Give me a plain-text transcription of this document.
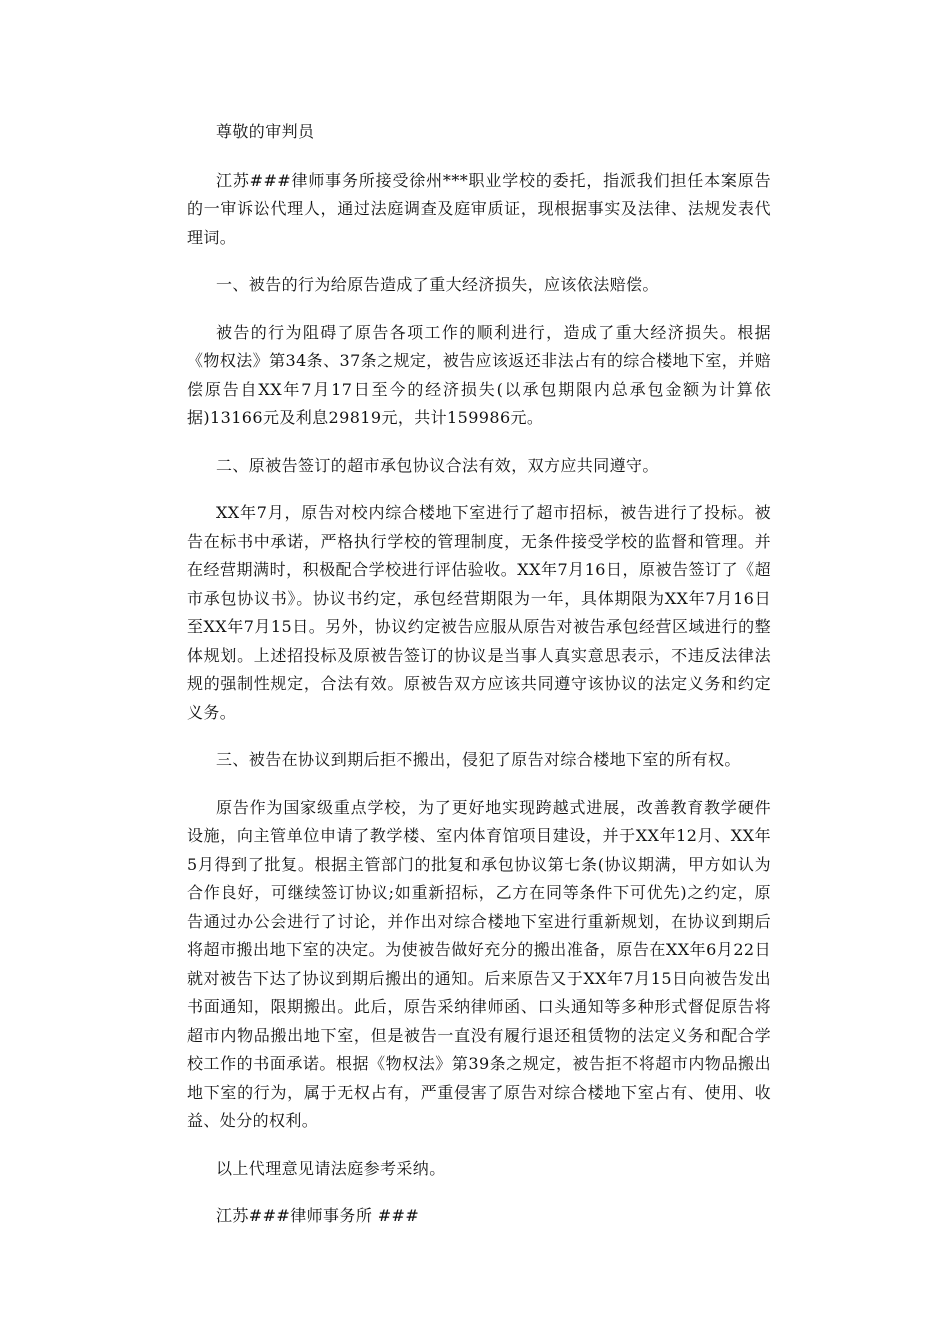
尊敬的审判员

江苏###律师事务所接受徐州***职业学校的委托，指派我们担任本案原告的一审诉讼代理人，通过法庭调查及庭审质证，现根据事实及法律、法规发表代理词。

一、被告的行为给原告造成了重大经济损失，应该依法赔偿。

被告的行为阻碍了原告各项工作的顺利进行，造成了重大经济损失。根据《物权法》第34条、37条之规定，被告应该返还非法占有的综合楼地下室，并赔偿原告自XX年7月17日至今的经济损失(以承包期限内总承包金额为计算依据)13166元及利息29819元，共计159986元。

二、原被告签订的超市承包协议合法有效，双方应共同遵守。

XX年7月，原告对校内综合楼地下室进行了超市招标，被告进行了投标。被告在标书中承诺，严格执行学校的管理制度，无条件接受学校的监督和管理。并在经营期满时，积极配合学校进行评估验收。XX年7月16日，原被告签订了《超市承包协议书》。协议书约定，承包经营期限为一年，具体期限为XX年7月16日至XX年7月15日。另外，协议约定被告应服从原告对被告承包经营区域进行的整体规划。上述招投标及原被告签订的协议是当事人真实意思表示，不违反法律法规的强制性规定，合法有效。原被告双方应该共同遵守该协议的法定义务和约定义务。

三、被告在协议到期后拒不搬出，侵犯了原告对综合楼地下室的所有权。

原告作为国家级重点学校，为了更好地实现跨越式进展，改善教育教学硬件设施，向主管单位申请了教学楼、室内体育馆项目建设，并于XX年12月、XX年5月得到了批复。根据主管部门的批复和承包协议第七条(协议期满，甲方如认为合作良好，可继续签订协议;如重新招标，乙方在同等条件下可优先)之约定，原告通过办公会进行了讨论，并作出对综合楼地下室进行重新规划，在协议到期后将超市搬出地下室的决定。为使被告做好充分的搬出准备，原告在XX年6月22日就对被告下达了协议到期后搬出的通知。后来原告又于XX年7月15日向被告发出书面通知，限期搬出。此后，原告采纳律师函、口头通知等多种形式督促原告将超市内物品搬出地下室，但是被告一直没有履行退还租赁物的法定义务和配合学校工作的书面承诺。根据《物权法》第39条之规定，被告拒不将超市内物品搬出地下室的行为，属于无权占有，严重侵害了原告对综合楼地下室占有、使用、收益、处分的权利。

以上代理意见请法庭参考采纳。

江苏###律师事务所 ###
